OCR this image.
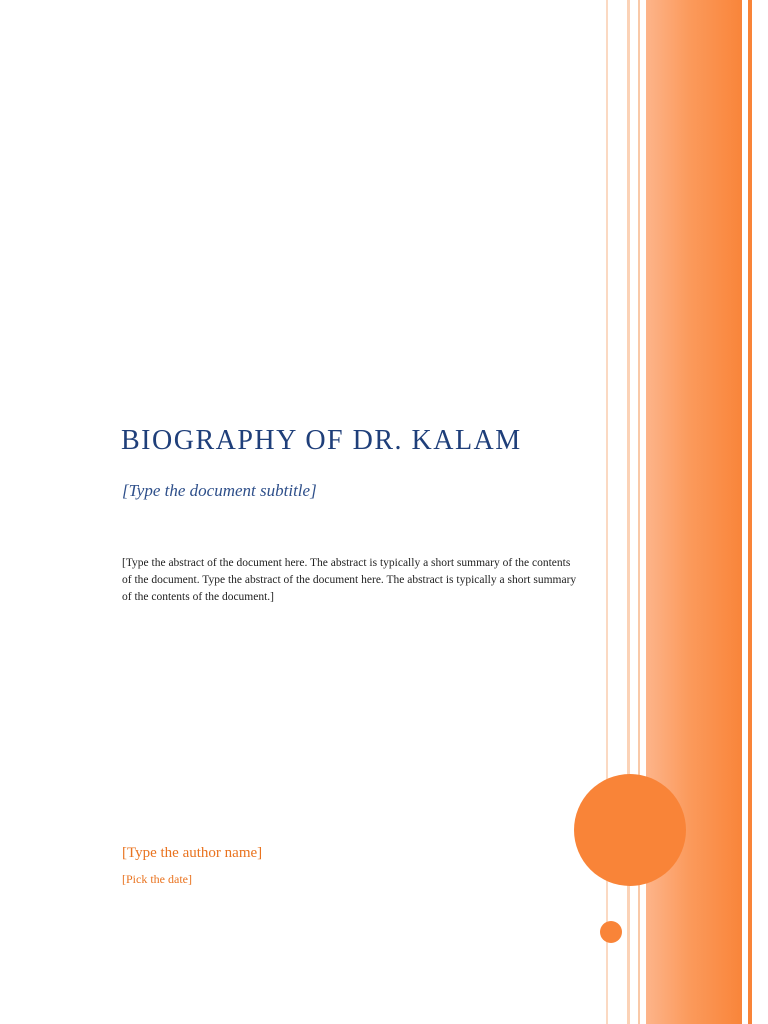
BIOGRAPHY OF DR. KALAM

[Type the document subtitle]

[Type the abstract of the document here. The abstract is typically a short summary of the contents of the document. Type the abstract of the document here. The abstract is typically a short summary of the contents of the document.]

[Type the author name]

[Pick the date]
